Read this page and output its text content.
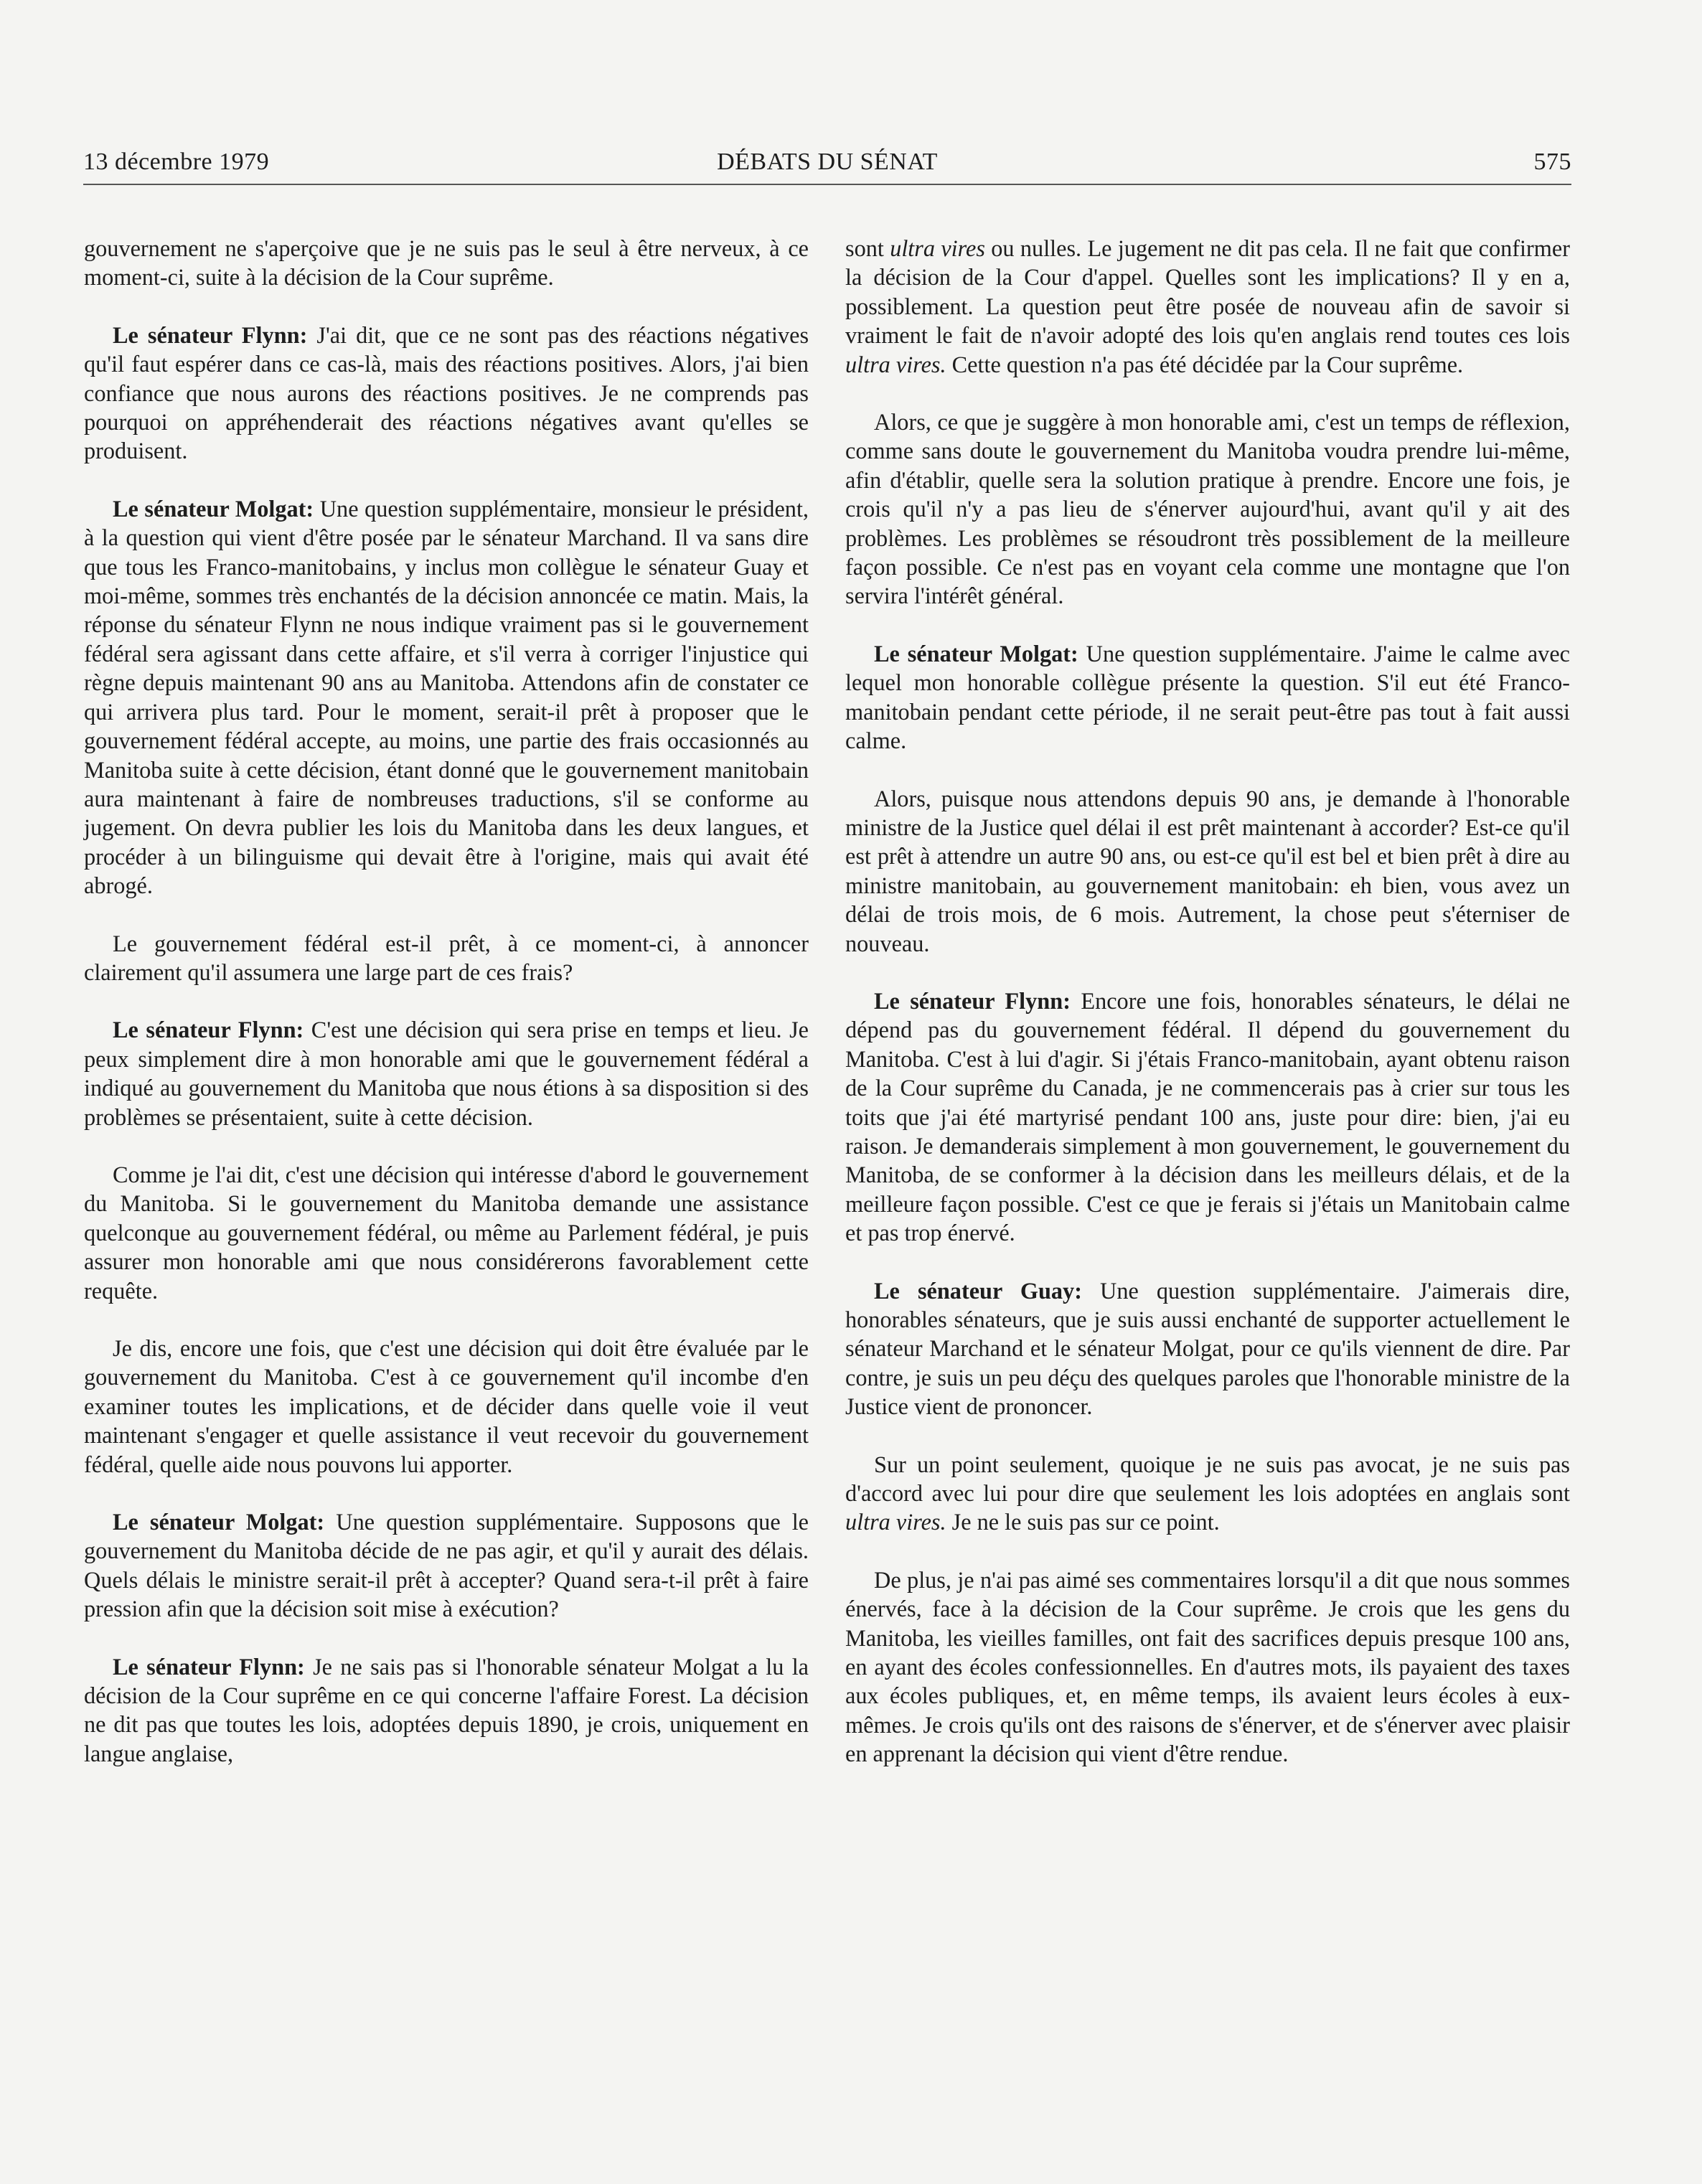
13 décembre 1979	DÉBATS DU SÉNAT	575

gouvernement ne s'aperçoive que je ne suis pas le seul à être nerveux, à ce moment-ci, suite à la décision de la Cour suprême.

Le sénateur Flynn: J'ai dit, que ce ne sont pas des réactions négatives qu'il faut espérer dans ce cas-là, mais des réactions positives. Alors, j'ai bien confiance que nous aurons des réactions positives. Je ne comprends pas pourquoi on appréhenderait des réactions négatives avant qu'elles se produisent.

Le sénateur Molgat: Une question supplémentaire, monsieur le président, à la question qui vient d'être posée par le sénateur Marchand. Il va sans dire que tous les Franco-manitobains, y inclus mon collègue le sénateur Guay et moi-même, sommes très enchantés de la décision annoncée ce matin. Mais, la réponse du sénateur Flynn ne nous indique vraiment pas si le gouvernement fédéral sera agissant dans cette affaire, et s'il verra à corriger l'injustice qui règne depuis maintenant 90 ans au Manitoba. Attendons afin de constater ce qui arrivera plus tard. Pour le moment, serait-il prêt à proposer que le gouvernement fédéral accepte, au moins, une partie des frais occasionnés au Manitoba suite à cette décision, étant donné que le gouvernement manitobain aura maintenant à faire de nombreuses traductions, s'il se conforme au jugement. On devra publier les lois du Manitoba dans les deux langues, et procéder à un bilinguisme qui devait être à l'origine, mais qui avait été abrogé.

Le gouvernement fédéral est-il prêt, à ce moment-ci, à annoncer clairement qu'il assumera une large part de ces frais?

Le sénateur Flynn: C'est une décision qui sera prise en temps et lieu. Je peux simplement dire à mon honorable ami que le gouvernement fédéral a indiqué au gouvernement du Manitoba que nous étions à sa disposition si des problèmes se présentaient, suite à cette décision.

Comme je l'ai dit, c'est une décision qui intéresse d'abord le gouvernement du Manitoba. Si le gouvernement du Manitoba demande une assistance quelconque au gouvernement fédéral, ou même au Parlement fédéral, je puis assurer mon honorable ami que nous considérerons favorablement cette requête.

Je dis, encore une fois, que c'est une décision qui doit être évaluée par le gouvernement du Manitoba. C'est à ce gouvernement qu'il incombe d'en examiner toutes les implications, et de décider dans quelle voie il veut maintenant s'engager et quelle assistance il veut recevoir du gouvernement fédéral, quelle aide nous pouvons lui apporter.

Le sénateur Molgat: Une question supplémentaire. Supposons que le gouvernement du Manitoba décide de ne pas agir, et qu'il y aurait des délais. Quels délais le ministre serait-il prêt à accepter? Quand sera-t-il prêt à faire pression afin que la décision soit mise à exécution?

Le sénateur Flynn: Je ne sais pas si l'honorable sénateur Molgat a lu la décision de la Cour suprême en ce qui concerne l'affaire Forest. La décision ne dit pas que toutes les lois, adoptées depuis 1890, je crois, uniquement en langue anglaise,

sont ultra vires ou nulles. Le jugement ne dit pas cela. Il ne fait que confirmer la décision de la Cour d'appel. Quelles sont les implications? Il y en a, possiblement. La question peut être posée de nouveau afin de savoir si vraiment le fait de n'avoir adopté des lois qu'en anglais rend toutes ces lois ultra vires. Cette question n'a pas été décidée par la Cour suprême.

Alors, ce que je suggère à mon honorable ami, c'est un temps de réflexion, comme sans doute le gouvernement du Manitoba voudra prendre lui-même, afin d'établir, quelle sera la solution pratique à prendre. Encore une fois, je crois qu'il n'y a pas lieu de s'énerver aujourd'hui, avant qu'il y ait des problèmes. Les problèmes se résoudront très possiblement de la meilleure façon possible. Ce n'est pas en voyant cela comme une montagne que l'on servira l'intérêt général.

Le sénateur Molgat: Une question supplémentaire. J'aime le calme avec lequel mon honorable collègue présente la question. S'il eut été Franco-manitobain pendant cette période, il ne serait peut-être pas tout à fait aussi calme.

Alors, puisque nous attendons depuis 90 ans, je demande à l'honorable ministre de la Justice quel délai il est prêt maintenant à accorder? Est-ce qu'il est prêt à attendre un autre 90 ans, ou est-ce qu'il est bel et bien prêt à dire au ministre manitobain, au gouvernement manitobain: eh bien, vous avez un délai de trois mois, de 6 mois. Autrement, la chose peut s'éterniser de nouveau.

Le sénateur Flynn: Encore une fois, honorables sénateurs, le délai ne dépend pas du gouvernement fédéral. Il dépend du gouvernement du Manitoba. C'est à lui d'agir. Si j'étais Franco-manitobain, ayant obtenu raison de la Cour suprême du Canada, je ne commencerais pas à crier sur tous les toits que j'ai été martyrisé pendant 100 ans, juste pour dire: bien, j'ai eu raison. Je demanderais simplement à mon gouvernement, le gouvernement du Manitoba, de se conformer à la décision dans les meilleurs délais, et de la meilleure façon possible. C'est ce que je ferais si j'étais un Manitobain calme et pas trop énervé.

Le sénateur Guay: Une question supplémentaire. J'aimerais dire, honorables sénateurs, que je suis aussi enchanté de supporter actuellement le sénateur Marchand et le sénateur Molgat, pour ce qu'ils viennent de dire. Par contre, je suis un peu déçu des quelques paroles que l'honorable ministre de la Justice vient de prononcer.

Sur un point seulement, quoique je ne suis pas avocat, je ne suis pas d'accord avec lui pour dire que seulement les lois adoptées en anglais sont ultra vires. Je ne le suis pas sur ce point.

De plus, je n'ai pas aimé ses commentaires lorsqu'il a dit que nous sommes énervés, face à la décision de la Cour suprême. Je crois que les gens du Manitoba, les vieilles familles, ont fait des sacrifices depuis presque 100 ans, en ayant des écoles confessionnelles. En d'autres mots, ils payaient des taxes aux écoles publiques, et, en même temps, ils avaient leurs écoles à eux-mêmes. Je crois qu'ils ont des raisons de s'énerver, et de s'énerver avec plaisir en apprenant la décision qui vient d'être rendue.
